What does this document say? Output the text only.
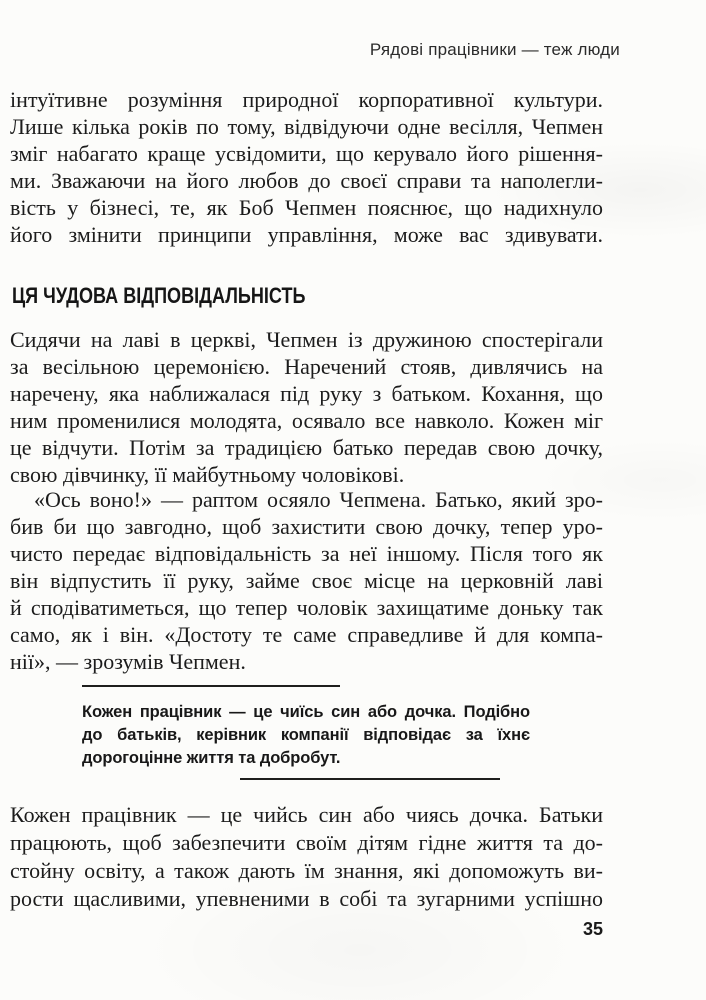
Рядові працівники — теж люди
інтуїтивне розуміння природної корпоративної культури.
Лише кілька років по тому, відвідуючи одне весілля, Чепмен
зміг набагато краще усвідомити, що керувало його рішення-
ми. Зважаючи на його любов до своєї справи та наполегли-
вість у бізнесі, те, як Боб Чепмен пояснює, що надихнуло
його змінити принципи управління, може вас здивувати.
ЦЯ ЧУДОВА ВІДПОВІДАЛЬНІСТЬ
Сидячи на лаві в церкві, Чепмен із дружиною спостерігали
за весільною церемонією. Наречений стояв, дивлячись на
наречену, яка наближалася під руку з батьком. Кохання, що
ним променилися молодята, осявало все навколо. Кожен міг
це відчути. Потім за традицією батько передав свою дочку,
свою дівчинку, її майбутньому чоловікові.
«Ось воно!» — раптом осяяло Чепмена. Батько, який зро-
бив би що завгодно, щоб захистити свою дочку, тепер уро-
чисто передає відповідальність за неї іншому. Після того як
він відпустить її руку, займе своє місце на церковній лаві
й сподіватиметься, що тепер чоловік захищатиме доньку так
само, як і він. «Достоту те саме справедливе й для компа-
нії», — зрозумів Чепмен.
Кожен працівник — це чиїсь син або дочка. Подібно
до батьків, керівник компанії відповідає за їхнє
дорогоцінне життя та добробут.
Кожен працівник — це чийсь син або чиясь дочка. Батьки
працюють, щоб забезпечити своїм дітям гідне життя та до-
стойну освіту, а також дають їм знання, які допоможуть ви-
рости щасливими, упевненими в собі та зугарними успішно
35
